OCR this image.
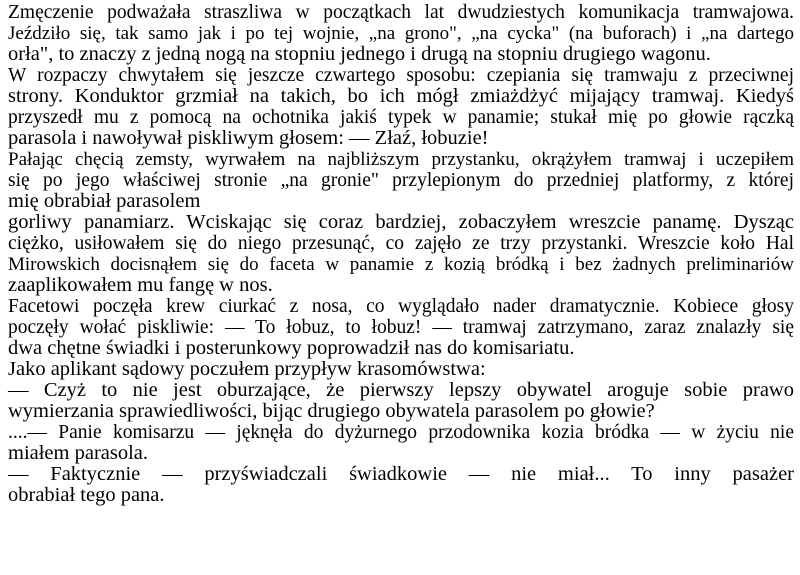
Zmęczenie podważała straszliwa w początkach lat dwudziestych komunikacja tramwajowa.
Jeździło się, tak samo jak i po tej wojnie, „na grono", „na cycka" (na buforach) i „na dartego
orła", to znaczy z jedną nogą na stopniu jednego i drugą na stopniu drugiego wagonu.
W rozpaczy chwytałem się jeszcze czwartego sposobu: czepiania się tramwaju z przeciwnej
strony. Konduktor grzmiał na takich, bo ich mógł zmiażdżyć mijający tramwaj. Kiedyś
przyszedł mu z pomocą na ochotnika jakiś typek w panamie; stukał mię po głowie rączką
parasola i nawoływał piskliwym głosem: — Złaź, łobuzie!
Pałając chęcią zemsty, wyrwałem na najbliższym przystanku, okrążyłem tramwaj i uczepiłem
się po jego właściwej stronie „na gronie" przylepionym do przedniej platformy, z której
mię obrabiał parasolem
gorliwy panamiarz. Wciskając się coraz bardziej, zobaczyłem wreszcie panamę. Dysząc
ciężko, usiłowałem się do niego przesunąć, co zajęło ze trzy przystanki. Wreszcie koło Hal
Mirowskich docisnąłem się do faceta w panamie z kozią bródką i bez żadnych preliminariów
zaaplikowałem mu fangę w nos.
Facetowi poczęła krew ciurkać z nosa, co wyglądało nader dramatycznie. Kobiece głosy
poczęły wołać piskliwie: — To łobuz, to łobuz! — tramwaj zatrzymano, zaraz znalazły się
dwa chętne świadki i posterunkowy poprowadził nas do komisariatu.
Jako aplikant sądowy poczułem przypływ krasomówstwa:
— Czyż to nie jest oburzające, że pierwszy lepszy obywatel aroguje sobie prawo
wymierzania sprawiedliwości, bijąc drugiego obywatela parasolem po głowie?
....— Panie komisarzu — jęknęła do dyżurnego przodownika kozia bródka — w życiu nie
miałem parasola.
— Faktycznie — przyświadczali świadkowie — nie miał... To inny pasażer
obrabiał tego pana.
